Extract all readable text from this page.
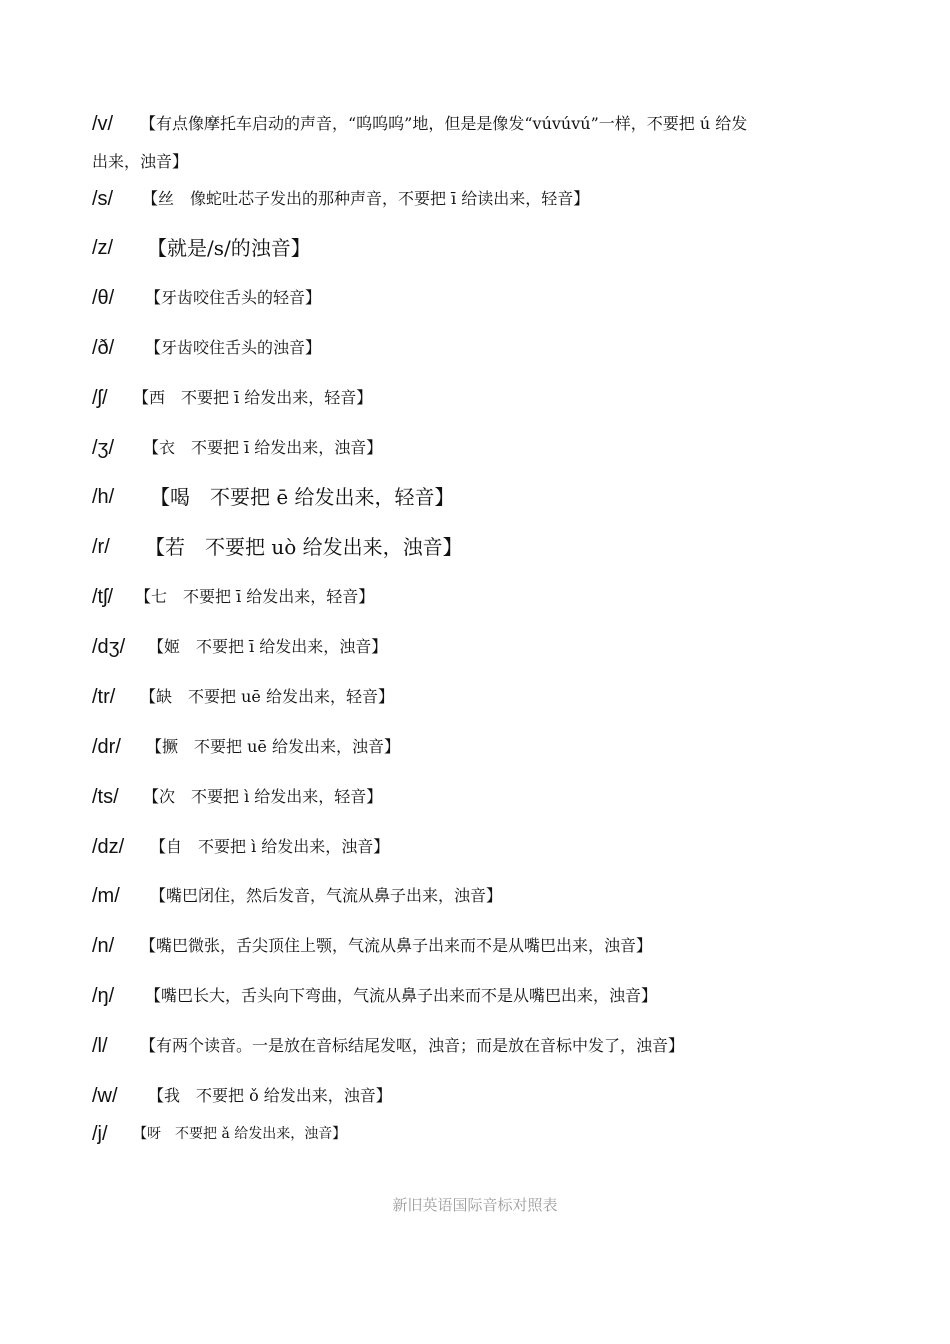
/v/ 【有点像摩托车启动的声音，“呜呜呜”地，但是是像发“vúvúvú”一样，不要把 ú 给发
出来，浊音】
/s/ 【丝　像蛇吐芯子发出的那种声音，不要把 ī 给读出来，轻音】
/z/ 【就是/s/的浊音】
/θ/ 【牙齿咬住舌头的轻音】
/ð/ 【牙齿咬住舌头的浊音】
/ʃ/ 【西　不要把 ī 给发出来，轻音】
/ʒ/ 【衣　不要把 ī 给发出来，浊音】
/h/ 【喝　不要把 ē 给发出来，轻音】
/r/ 【若　不要把 uò 给发出来，浊音】
/tʃ/ 【七　不要把 ī 给发出来，轻音】
/dʒ/ 【姬　不要把 ī 给发出来，浊音】
/tr/ 【缺　不要把 uē 给发出来，轻音】
/dr/ 【撅　不要把 uē 给发出来，浊音】
/ts/ 【次　不要把 ì 给发出来，轻音】
/dz/ 【自　不要把 ì 给发出来，浊音】
/m/ 【嘴巴闭住，然后发音，气流从鼻子出来，浊音】
/n/ 【嘴巴微张，舌尖顶住上颚，气流从鼻子出来而不是从嘴巴出来，浊音】
/ŋ/ 【嘴巴长大，舌头向下弯曲，气流从鼻子出来而不是从嘴巴出来，浊音】
/l/ 【有两个读音。一是放在音标结尾发呕，浊音；而是放在音标中发了，浊音】
/w/ 【我　不要把 ǒ 给发出来，浊音】
/j/ 【呀　不要把 ǎ 给发出来，浊音】
新旧英语国际音标对照表
